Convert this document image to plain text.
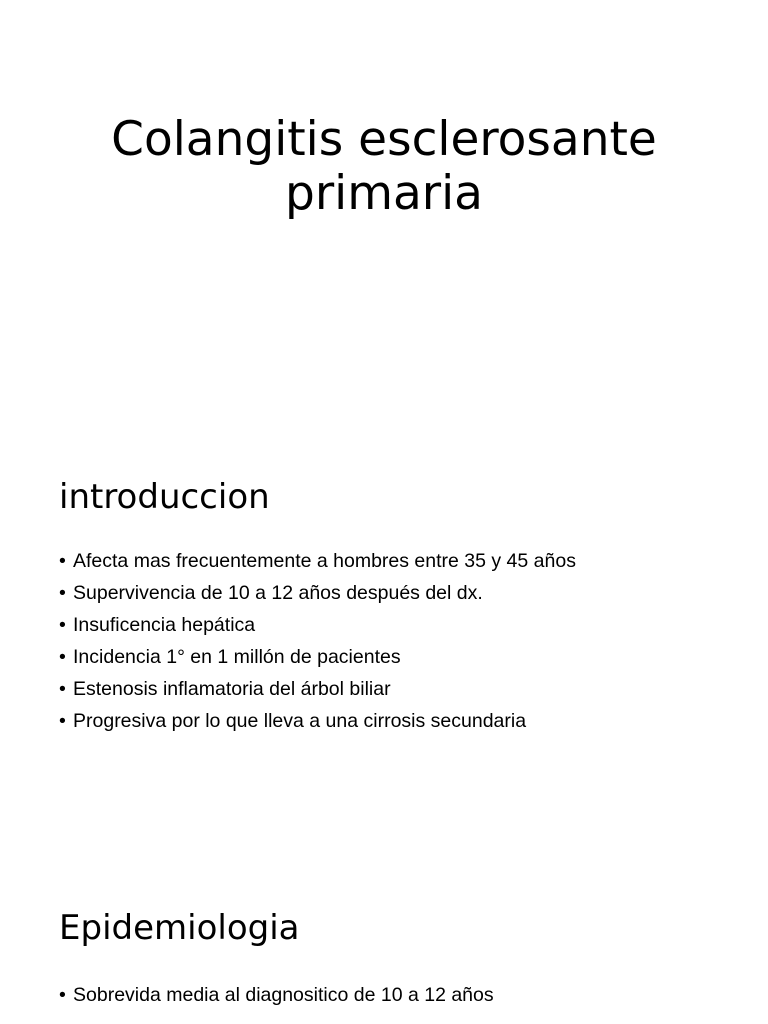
Colangitis esclerosante
primaria
introduccion
• Afecta mas frecuentemente a hombres entre 35 y 45 años
• Supervivencia de 10 a 12 años después del dx.
• Insuficencia hepática
• Incidencia 1° en 1 millón de pacientes
• Estenosis inflamatoria del árbol biliar
• Progresiva por lo que lleva a una cirrosis secundaria
Epidemiologia
• Sobrevida media al diagnositico de 10 a 12 años
